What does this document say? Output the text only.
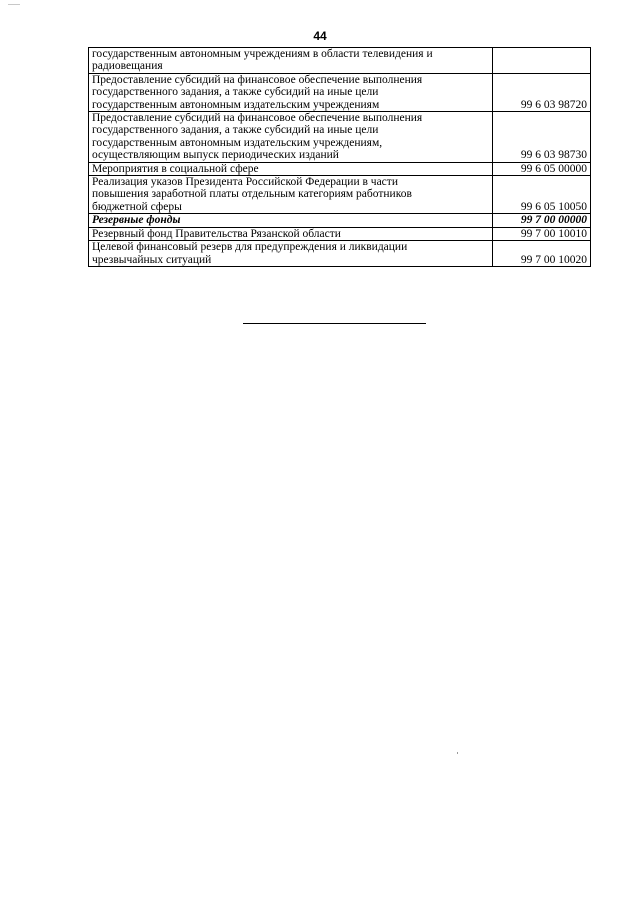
44
государственным автономным учреждениям в области телевидения и
радиовещания	

Предоставление субсидий на финансовое обеспечение выполнения
государственного задания, а также субсидий на иные цели
государственным автономным издательским учреждениям	99 6 03 98720

Предоставление субсидий на финансовое обеспечение выполнения
государственного задания, а также субсидий на иные цели
государственным автономным издательским учреждениям,
осуществляющим выпуск периодических изданий	99 6 03 98730

Мероприятия в социальной сфере	99 6 05 00000

Реализация указов Президента Российской Федерации в части
повышения заработной платы отдельным категориям работников
бюджетной сферы	99 6 05 10050

Резервные фонды	99 7 00 00000

Резервный фонд Правительства Рязанской области	99 7 00 10010

Целевой финансовый резерв для предупреждения и ликвидации
чрезвычайных ситуаций	99 7 00 10020
